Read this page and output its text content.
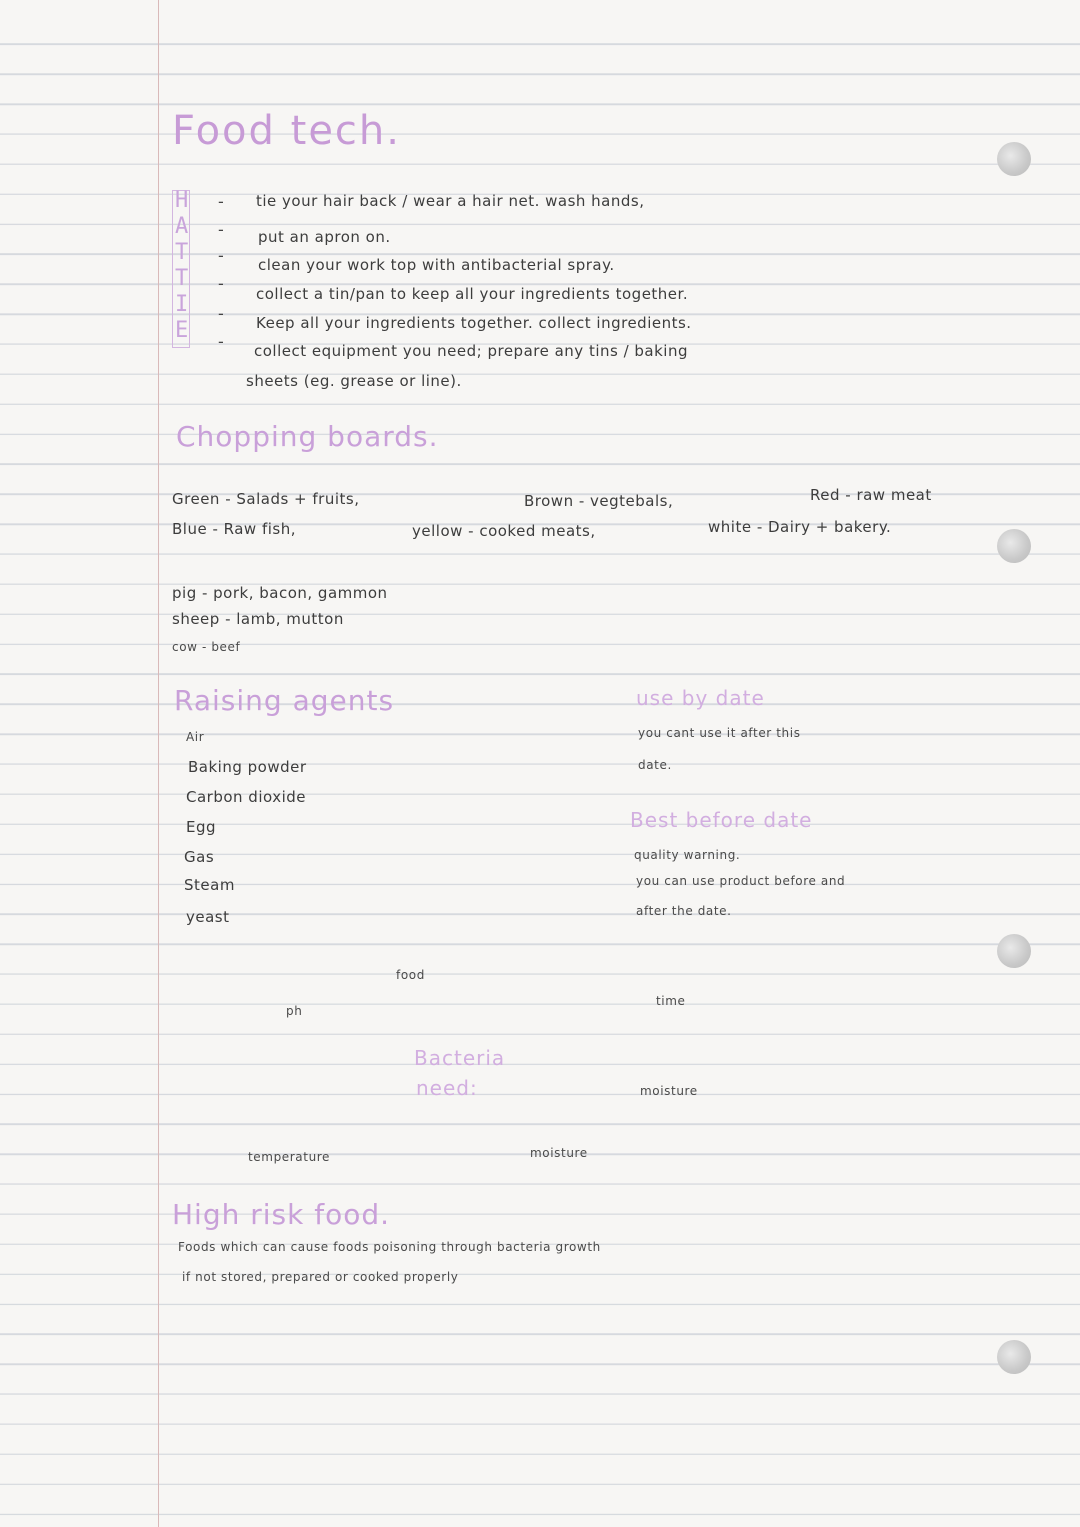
Food tech.
H - tie your hair back / wear a hair net. wash hands,
A - put an apron on.
T - clean your work top with antibacterial spray.
T -
collect a tin/pan to keep all your ingredients together.
I - Keep all your ingredients together. collect ingredients.
E - collect equipment you need; prepare any tins / baking
sheets (eg. grease or line).
Chopping boards.
Green - Salads + fruits,	Brown - vegtebals,	Red - raw meat
Blue - Raw fish,	yellow - cooked meats,	white - Dairy + bakery.
pig - pork, bacon, gammon
sheep - lamb, mutton
cow - beef
Raising agents
Air
Baking powder
Carbon dioxide
Egg
Gas
Steam
yeast
use by date
you cant use it after this
date.
Best before date
quality warning.
you can use product before and
after the date.
food
ph
time
Bacteria
need:	moisture
temperature	moisture
High risk food.
Foods which can cause foods poisoning through bacteria growth
if not stored, prepared or cooked properly
